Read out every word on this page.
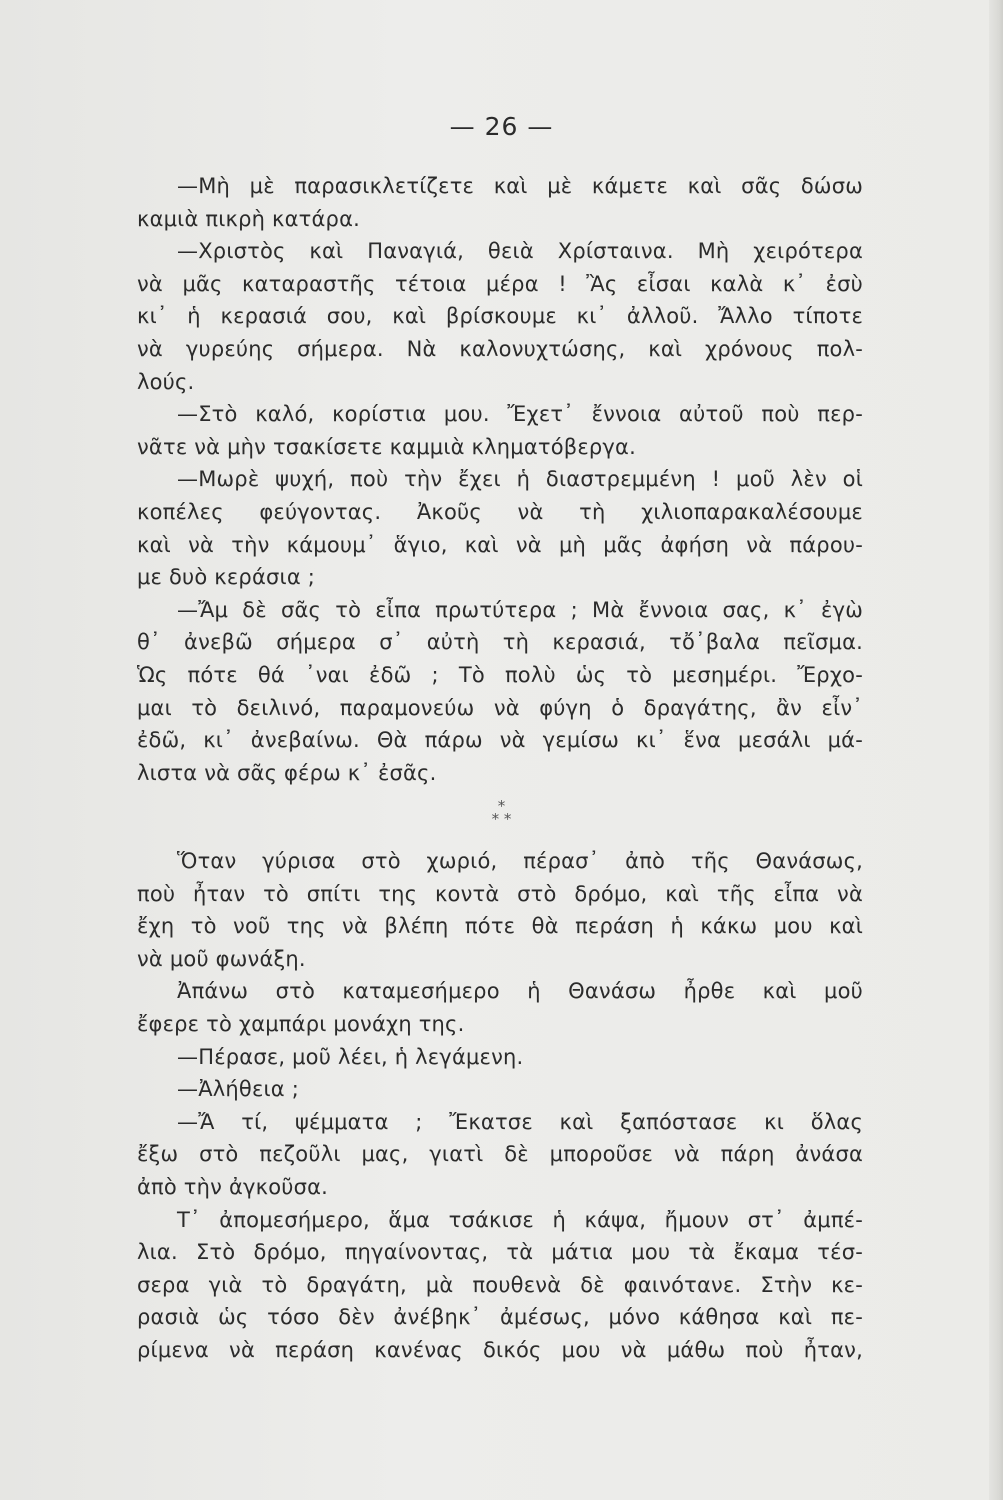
— 26 —
—Μὴ μὲ παρασικλετίζετε καὶ μὲ κάμετε καὶ σᾶς δώσω
καμιὰ πικρὴ κατάρα.
—Χριστὸς καὶ Παναγιά, θειὰ Χρίσταινα. Μὴ χειρότερα
νὰ μᾶς καταραστῆς τέτοια μέρα ! Ἂς εἶσαι καλὰ κ᾽ ἐσὺ
κι᾽ ἡ κερασιά σου, καὶ βρίσκουμε κι᾽ ἀλλοῦ. Ἄλλο τίποτε
νὰ γυρεύης σήμερα. Νὰ καλονυχτώσης, καὶ χρόνους πολ-
λούς.
—Στὸ καλό, κορίστια μου. Ἔχετ᾽ ἔννοια αὐτοῦ ποὺ περ-
νᾶτε νὰ μὴν τσακίσετε καμμιὰ κληματόβεργα.
—Μωρὲ ψυχή, ποὺ τὴν ἔχει ἡ διαστρεμμένη ! μοῦ λὲν οἱ
κοπέλες φεύγοντας. Ἀκοῦς νὰ τὴ χιλιοπαρακαλέσουμε
καὶ νὰ τὴν κάμουμ᾽ ἅγιο, καὶ νὰ μὴ μᾶς ἀφήση νὰ πάρου-
με δυὸ κεράσια ;
—Ἄμ δὲ σᾶς τὸ εἶπα πρωτύτερα ; Μὰ ἔννοια σας, κ᾽ ἐγὼ
θ᾽ ἀνεβῶ σήμερα σ᾽ αὐτὴ τὴ κερασιά, τὄ᾽βαλα πεῖσμα.
Ὡς πότε θά ᾽ναι ἐδῶ ; Τὸ πολὺ ὡς τὸ μεσημέρι. Ἔρχο-
μαι τὸ δειλινό, παραμονεύω νὰ φύγη ὁ δραγάτης, ἂν εἶν᾽
ἐδῶ, κι᾽ ἀνεβαίνω. Θὰ πάρω νὰ γεμίσω κι᾽ ἕνα μεσάλι μά-
λιστα νὰ σᾶς φέρω κ᾽ ἐσᾶς.
*
* *
Ὅταν γύρισα στὸ χωριό, πέρασ᾽ ἀπὸ τῆς Θανάσως,
ποὺ ἦταν τὸ σπίτι της κοντὰ στὸ δρόμο, καὶ τῆς εἶπα νὰ
ἔχη τὸ νοῦ της νὰ βλέπη πότε θὰ περάση ἡ κάκω μου καὶ
νὰ μοῦ φωνάξη.
Ἀπάνω στὸ καταμεσήμερο ἡ Θανάσω ἦρθε καὶ μοῦ
ἔφερε τὸ χαμπάρι μονάχη της.
—Πέρασε, μοῦ λέει, ἡ λεγάμενη.
—Ἀλήθεια ;
—Ἄ τί, ψέμματα ; Ἔκατσε καὶ ξαπόστασε κι ὅλας
ἔξω στὸ πεζοῦλι μας, γιατὶ δὲ μποροῦσε νὰ πάρη ἀνάσα
ἀπὸ τὴν ἀγκοῦσα.
Τ᾽ ἀπομεσήμερο, ἅμα τσάκισε ἡ κάψα, ἤμουν στ᾽ ἀμπέ-
λια. Στὸ δρόμο, πηγαίνοντας, τὰ μάτια μου τὰ ἔκαμα τέσ-
σερα γιὰ τὸ δραγάτη, μὰ πουθενὰ δὲ φαινότανε. Στὴν κε-
ρασιὰ ὡς τόσο δὲν ἀνέβηκ᾽ ἀμέσως, μόνο κάθησα καὶ πε-
ρίμενα νὰ περάση κανένας δικός μου νὰ μάθω ποὺ ἦταν,
